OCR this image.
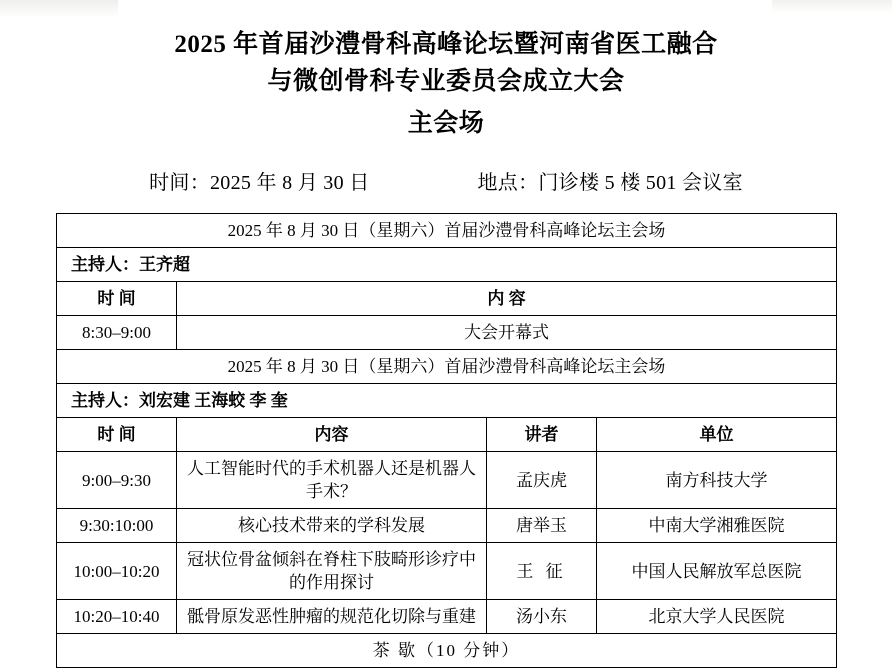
2025 年首届沙澧骨科高峰论坛暨河南省医工融合
与微创骨科专业委员会成立大会
主会场
时间：2025 年 8 月 30 日	地点：门诊楼 5 楼 501 会议室
2025 年 8 月 30 日（星期六）首届沙澧骨科高峰论坛主会场			
主持人：王齐超			
时 间	内 容		
8:30–9:00	大会开幕式		
2025 年 8 月 30 日（星期六）首届沙澧骨科高峰论坛主会场			
主持人：刘宏建 王海蛟 李 奎			
时 间	内容	讲者	单位
9:00–9:30	人工智能时代的手术机器人还是机器人手术？	孟庆虎	南方科技大学
9:30:10:00	核心技术带来的学科发展	唐举玉	中南大学湘雅医院
10:00–10:20	冠状位骨盆倾斜在脊柱下肢畸形诊疗中的作用探讨	王 征	中国人民解放军总医院
10:20–10:40	骶骨原发恶性肿瘤的规范化切除与重建	汤小东	北京大学人民医院
茶 歇（10 分钟）			
